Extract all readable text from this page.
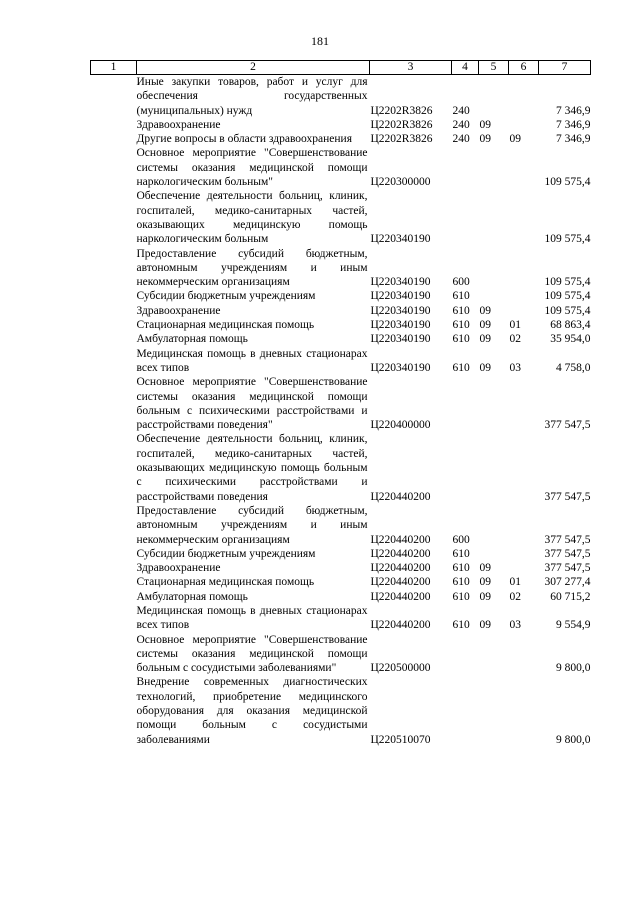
181
1	2	3	4	5	6	7
	Иные закупки товаров, работ и услуг для обеспечения государственных (муниципальных) нужд	Ц2202R3826	240			7 346,9
	Здравоохранение	Ц2202R3826	240	09		7 346,9
	Другие вопросы в области здравоохранения	Ц2202R3826	240	09	09	7 346,9
	Основное мероприятие "Совершенствование системы оказания медицинской помощи наркологическим больным"	Ц220300000				109 575,4
	Обеспечение деятельности больниц, клиник, госпиталей, медико-санитарных частей, оказывающих медицинскую помощь наркологическим больным	Ц220340190				109 575,4
	Предоставление субсидий бюджетным, автономным учреждениям и иным некоммерческим организациям	Ц220340190	600			109 575,4
	Субсидии бюджетным учреждениям	Ц220340190	610			109 575,4
	Здравоохранение	Ц220340190	610	09		109 575,4
	Стационарная медицинская помощь	Ц220340190	610	09	01	68 863,4
	Амбулаторная помощь	Ц220340190	610	09	02	35 954,0
	Медицинская помощь в дневных стационарах всех типов	Ц220340190	610	09	03	4 758,0
	Основное мероприятие "Совершенствование системы оказания медицинской помощи больным с психическими расстройствами и расстройствами поведения"	Ц220400000				377 547,5
	Обеспечение деятельности больниц, клиник, госпиталей, медико-санитарных частей, оказывающих медицинскую помощь больным с психическими расстройствами и расстройствами поведения	Ц220440200				377 547,5
	Предоставление субсидий бюджетным, автономным учреждениям и иным некоммерческим организациям	Ц220440200	600			377 547,5
	Субсидии бюджетным учреждениям	Ц220440200	610			377 547,5
	Здравоохранение	Ц220440200	610	09		377 547,5
	Стационарная медицинская помощь	Ц220440200	610	09	01	307 277,4
	Амбулаторная помощь	Ц220440200	610	09	02	60 715,2
	Медицинская помощь в дневных стационарах всех типов	Ц220440200	610	09	03	9 554,9
	Основное мероприятие "Совершенствование системы оказания медицинской помощи больным с сосудистыми заболеваниями"	Ц220500000				9 800,0
	Внедрение современных диагностических технологий, приобретение медицинского оборудования для оказания медицинской помощи больным с сосудистыми заболеваниями	Ц220510070				9 800,0
